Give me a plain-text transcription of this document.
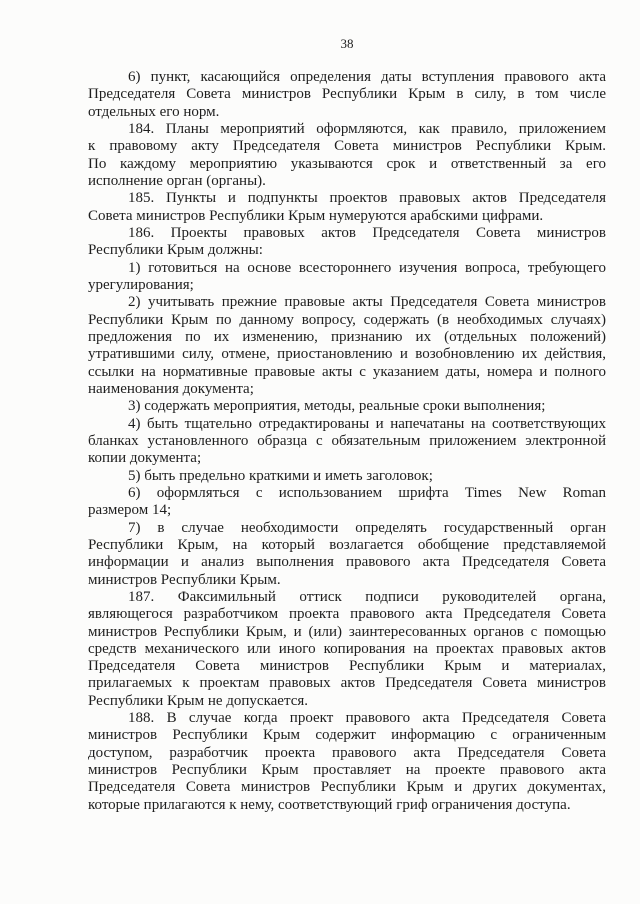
38
6) пункт, касающийся определения даты вступления правового акта
Председателя Совета министров Республики Крым в силу, в том числе
отдельных его норм.
184. Планы мероприятий оформляются, как правило, приложением
к правовому акту Председателя Совета министров Республики Крым.
По каждому мероприятию указываются срок и ответственный за его
исполнение орган (органы).
185. Пункты и подпункты проектов правовых актов Председателя
Совета министров Республики Крым нумеруются арабскими цифрами.
186. Проекты правовых актов Председателя Совета министров
Республики Крым должны:
1) готовиться на основе всестороннего изучения вопроса, требующего
урегулирования;
2) учитывать прежние правовые акты Председателя Совета министров
Республики Крым по данному вопросу, содержать (в необходимых случаях)
предложения по их изменению, признанию их (отдельных положений)
утратившими силу, отмене, приостановлению и возобновлению их действия,
ссылки на нормативные правовые акты с указанием даты, номера и полного
наименования документа;
3) содержать мероприятия, методы, реальные сроки выполнения;
4) быть тщательно отредактированы и напечатаны на соответствующих
бланках установленного образца с обязательным приложением электронной
копии документа;
5) быть предельно краткими и иметь заголовок;
6) оформляться с использованием шрифта Times New Roman
размером 14;
7) в случае необходимости определять государственный орган
Республики Крым, на который возлагается обобщение представляемой
информации и анализ выполнения правового акта Председателя Совета
министров Республики Крым.
187. Факсимильный оттиск подписи руководителей органа,
являющегося разработчиком проекта правового акта Председателя Совета
министров Республики Крым, и (или) заинтересованных органов с помощью
средств механического или иного копирования на проектах правовых актов
Председателя Совета министров Республики Крым и материалах,
прилагаемых к проектам правовых актов Председателя Совета министров
Республики Крым не допускается.
188. В случае когда проект правового акта Председателя Совета
министров Республики Крым содержит информацию с ограниченным
доступом, разработчик проекта правового акта Председателя Совета
министров Республики Крым проставляет на проекте правового акта
Председателя Совета министров Республики Крым и других документах,
которые прилагаются к нему, соответствующий гриф ограничения доступа.
